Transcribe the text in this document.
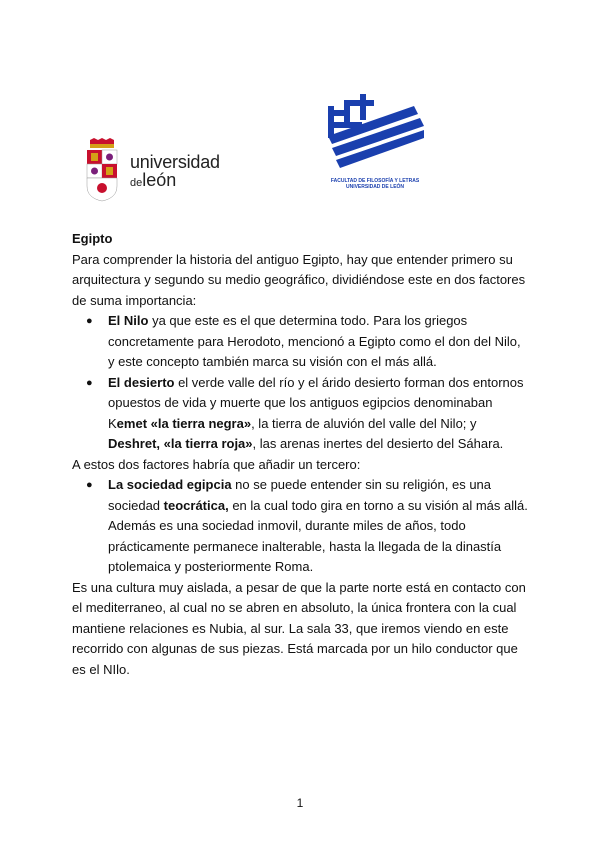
universidad
deleón	FACULTAD DE FILOSOFÍA Y LETRAS
UNIVERSIDAD DE LEÓN

Egipto

Para comprender la historia del antiguo Egipto, hay que entender primero su arquitectura y segundo su medio geográfico, dividiéndose este en dos factores de suma importancia:

● El Nilo ya que este es el que determina todo. Para los griegos concretamente para Herodoto, mencionó a Egipto como el don del Nilo, y este concepto también marca su visión con el más allá.
● El desierto el verde valle del río y el árido desierto forman dos entornos opuestos de vida y muerte que los antiguos egipcios denominaban Kemet «la tierra negra», la tierra de aluvión del valle del Nilo; y Deshret, «la tierra roja», las arenas inertes del desierto del Sáhara.

A estos dos factores habría que añadir un tercero:

● La sociedad egipcia no se puede entender sin su religión, es una sociedad teocrática, en la cual todo gira en torno a su visión al más allá. Además es una sociedad inmovil, durante miles de años, todo prácticamente permanece inalterable, hasta la llegada de la dinastía ptolemaica y posteriormente Roma.

Es una cultura muy aislada, a pesar de que la parte norte está en contacto con el mediterraneo, al cual no se abren en absoluto, la única frontera con la cual mantiene relaciones es Nubia, al sur. La sala 33, que iremos viendo en este recorrido con algunas de sus piezas. Está marcada por un hilo conductor que es el NIlo.

1
